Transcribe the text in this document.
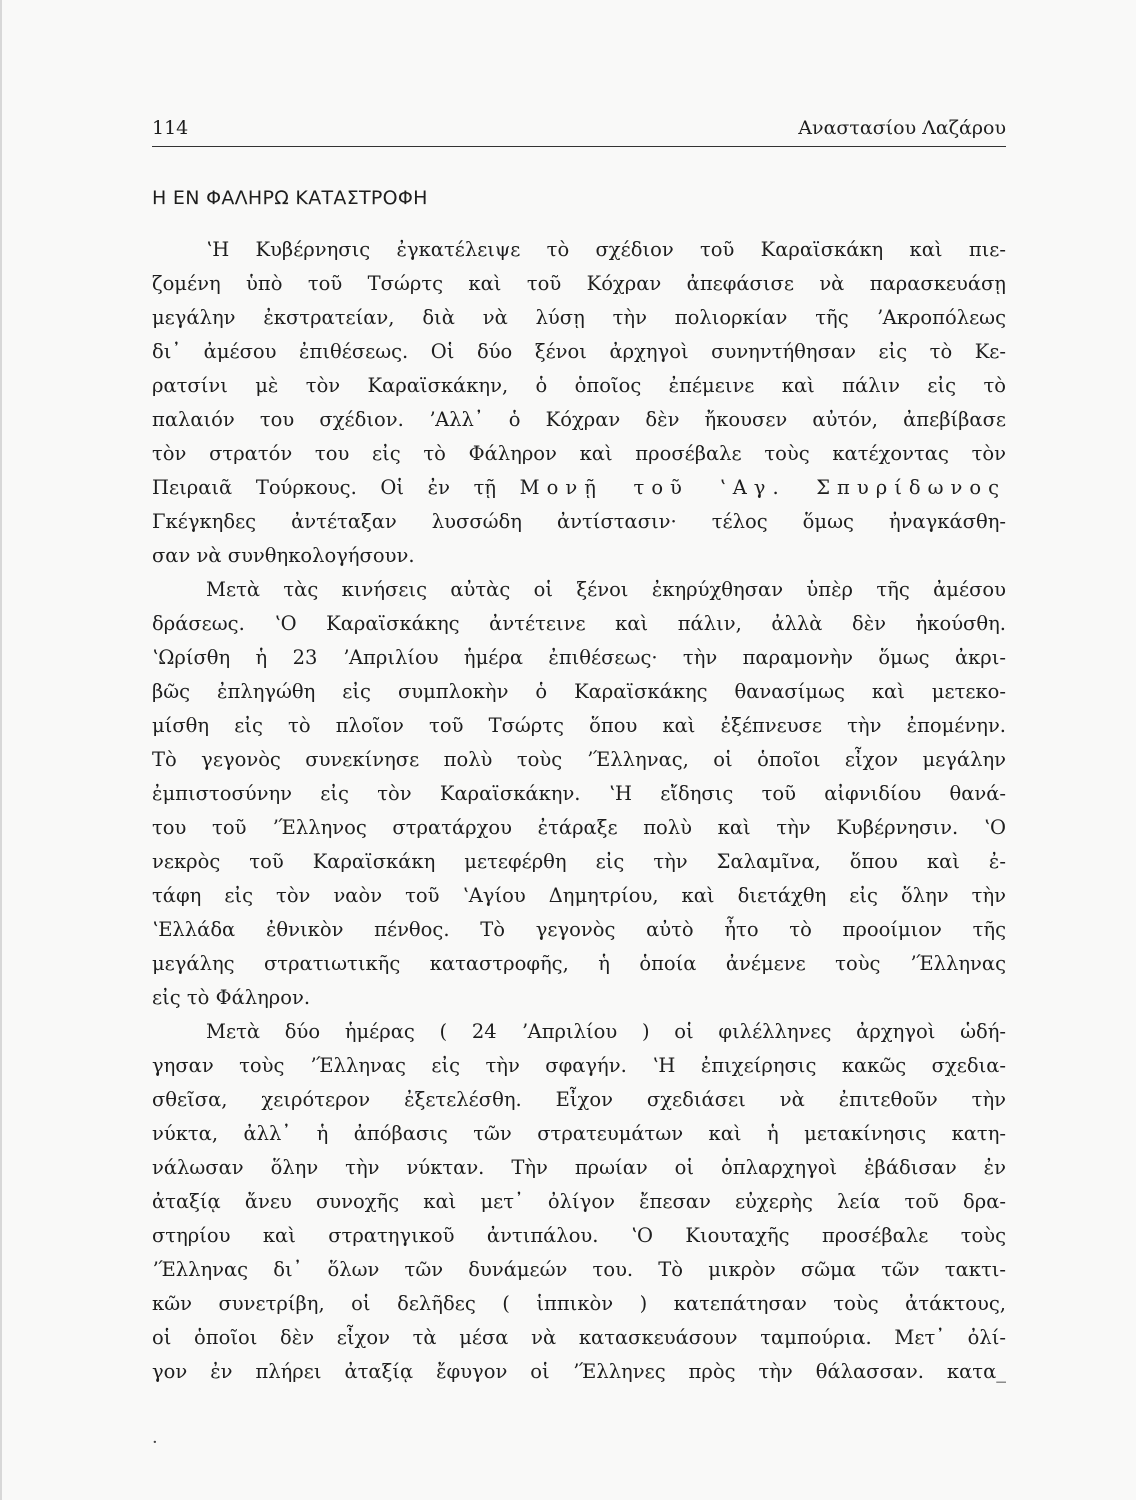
114	Αναστασίου Λαζάρου
Η ΕΝ ΦΑΛΗΡΩ ΚΑΤΑΣΤΡΟΦΗ
ʽΗ Κυβέρνησις ἐγκατέλειψε τὸ σχέδιον τοῦ Καραϊσκάκη καὶ πιε-
ζομένη ὑπὸ τοῦ Τσώρτς καὶ τοῦ Κόχραν ἀπεφάσισε νὰ παρασκευάσῃ
μεγάλην ἐκστρατείαν, διὰ νὰ λύσῃ τὴν πολιορκίαν τῆς ʼΑκροπόλεως
δι᾿ ἀμέσου ἐπιθέσεως. Οἱ δύο ξένοι ἀρχηγοὶ συνηντήθησαν εἰς τὸ Κε-
ρατσίνι μὲ τὸν Καραϊσκάκην, ὁ ὁποῖος ἐπέμεινε καὶ πάλιν εἰς τὸ
παλαιόν του σχέδιον. ʼΑλλ᾿ ὁ Κόχραν δὲν ἤκουσεν αὐτόν, ἀπεβίβασε
τὸν στρατόν του εἰς τὸ Φάληρον καὶ προσέβαλε τοὺς κατέχοντας τὸν
Πειραιᾶ Τούρκους. Οἱ ἐν τῇ Μονῇ τοῦ ʽΑγ. Σπυρίδωνος
Γκέγκηδες ἀντέταξαν λυσσώδη ἀντίστασιν· τέλος ὅμως ἠναγκάσθη-
σαν νὰ συνθηκολογήσουν.
Μετὰ τὰς κινήσεις αὐτὰς οἱ ξένοι ἐκηρύχθησαν ὑπὲρ τῆς ἀμέσου
δράσεως. ʽΟ Καραϊσκάκης ἀντέτεινε καὶ πάλιν, ἀλλὰ δὲν ἠκούσθη.
ʽΩρίσθη ἡ 23 ʼΑπριλίου ἡμέρα ἐπιθέσεως· τὴν παραμονὴν ὅμως ἀκρι-
βῶς ἐπληγώθη εἰς συμπλοκὴν ὁ Καραϊσκάκης θανασίμως καὶ μετεκο-
μίσθη εἰς τὸ πλοῖον τοῦ Τσώρτς ὅπου καὶ ἐξέπνευσε τὴν ἐπομένην.
Τὸ γεγονὸς συνεκίνησε πολὺ τοὺς ʼΈλληνας, οἱ ὁποῖοι εἶχον μεγάλην
ἐμπιστοσύνην εἰς τὸν Καραϊσκάκην. ʽΗ εἴδησις τοῦ αἰφνιδίου θανά-
του τοῦ ʼΈλληνος στρατάρχου ἐτάραξε πολὺ καὶ τὴν Κυβέρνησιν. ʽΟ
νεκρὸς τοῦ Καραϊσκάκη μετεφέρθη εἰς τὴν Σαλαμῖνα, ὅπου καὶ ἐ-
τάφη εἰς τὸν ναὸν τοῦ ʽΑγίου Δημητρίου, καὶ διετάχθη εἰς ὅλην τὴν
ʽΕλλάδα ἐθνικὸν πένθος. Τὸ γεγονὸς αὐτὸ ἦτο τὸ προοίμιον τῆς
μεγάλης στρατιωτικῆς καταστροφῆς, ἡ ὁποία ἀνέμενε τοὺς ʼΈλληνας
εἰς τὸ Φάληρον.
Μετὰ δύο ἡμέρας ( 24 ʼΑπριλίου ) οἱ φιλέλληνες ἀρχηγοὶ ὡδή-
γησαν τοὺς ʼΈλληνας εἰς τὴν σφαγήν. ʽΗ ἐπιχείρησις κακῶς σχεδια-
σθεῖσα, χειρότερον ἐξετελέσθη. Εἶχον σχεδιάσει νὰ ἐπιτεθοῦν τὴν
νύκτα, ἀλλ᾿ ἡ ἀπόβασις τῶν στρατευμάτων καὶ ἡ μετακίνησις κατη-
νάλωσαν ὅλην τὴν νύκταν. Τὴν πρωίαν οἱ ὁπλαρχηγοὶ ἐβάδισαν ἐν
ἀταξίᾳ ἄνευ συνοχῆς καὶ μετ᾿ ὀλίγον ἔπεσαν εὐχερὴς λεία τοῦ δρα-
στηρίου καὶ στρατηγικοῦ ἀντιπάλου. ʽΟ Κιουταχῆς προσέβαλε τοὺς
ʼΈλληνας δι᾿ ὅλων τῶν δυνάμεών του. Τὸ μικρὸν σῶμα τῶν τακτι-
κῶν συνετρίβη, οἱ δελῆδες ( ἱππικὸν ) κατεπάτησαν τοὺς ἀτάκτους,
οἱ ὁποῖοι δὲν εἶχον τὰ μέσα νὰ κατασκευάσουν ταμπούρια. Μετ᾿ ὀλί-
γον ἐν πλήρει ἀταξίᾳ ἔφυγον οἱ ʼΈλληνες πρὸς τὴν θάλασσαν. κατα_
·
